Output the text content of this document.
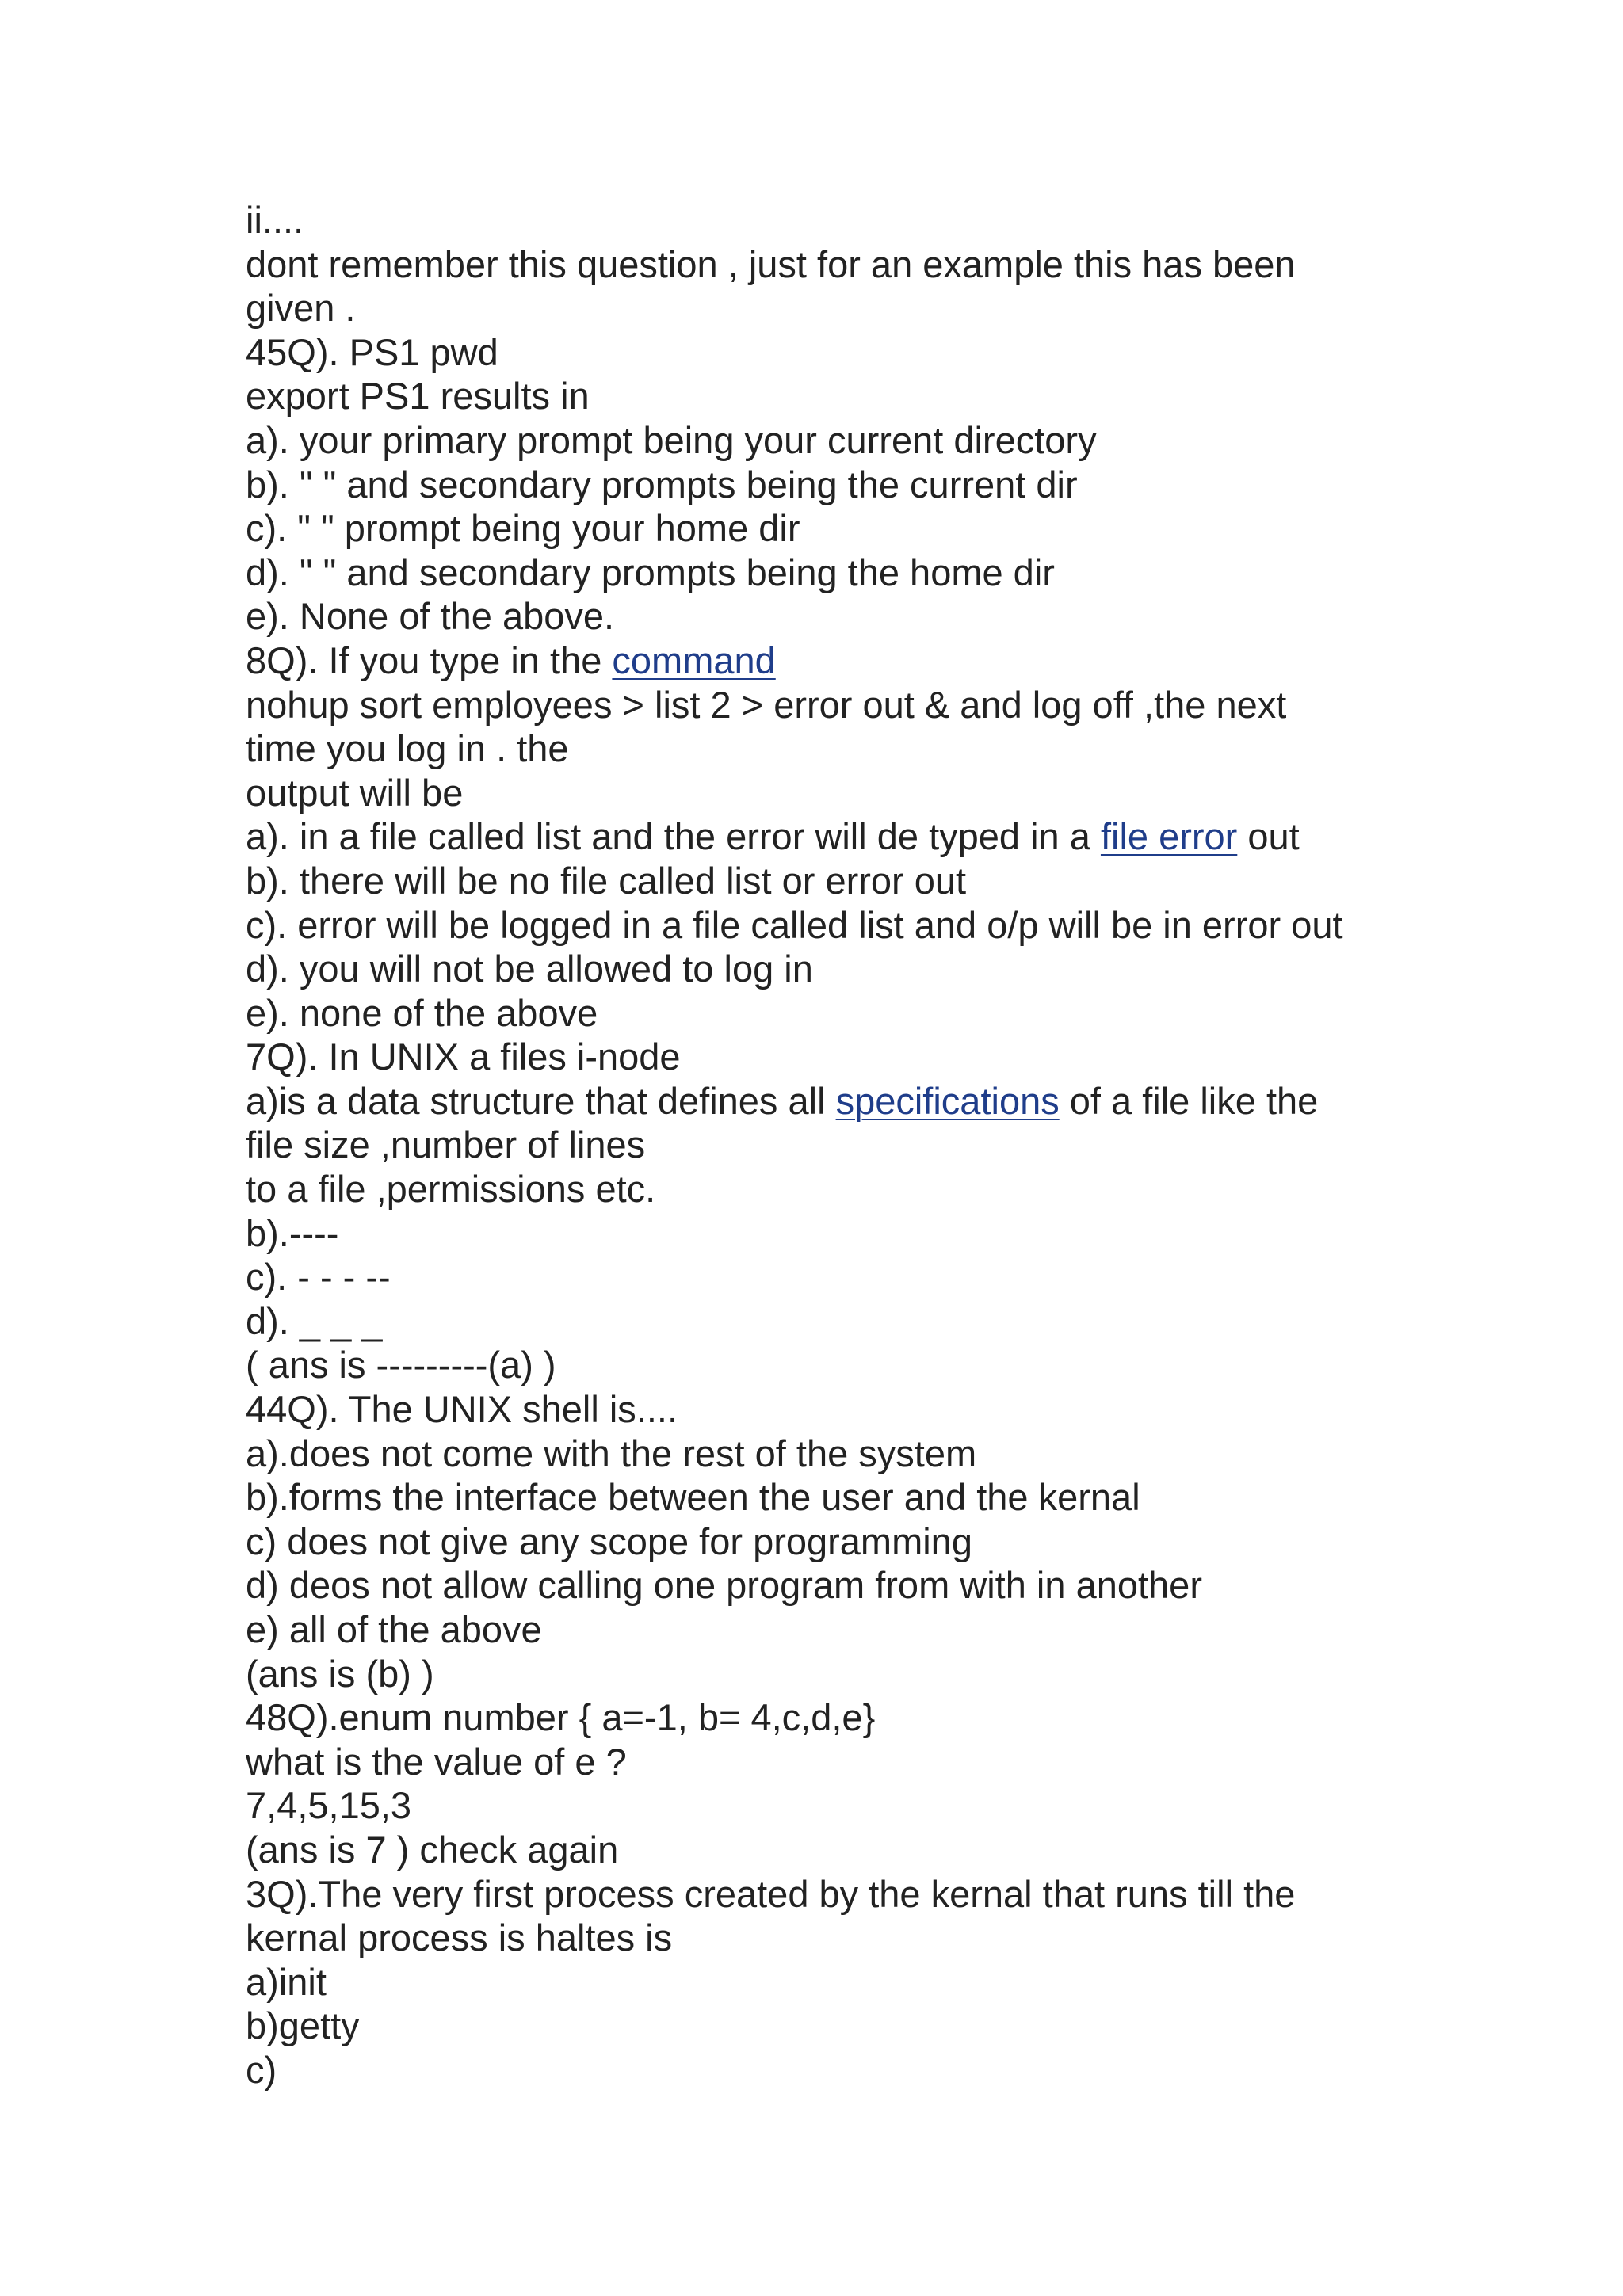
ii....
dont remember this question , just for an example this has been
given .
45Q). PS1 pwd
export PS1 results in
a). your primary prompt being your current directory
b). " " and secondary prompts being the current dir
c). " " prompt being your home dir
d). " " and secondary prompts being the home dir
e). None of the above.
8Q). If you type in the command
nohup sort employees > list 2 > error out & and log off ,the next
time you log in . the
output will be
a). in a file called list and the error will de typed in a file error out
b). there will be no file called list or error out
c). error will be logged in a file called list and o/p will be in error out
d). you will not be allowed to log in
e). none of the above
7Q). In UNIX a files i-node
a)is a data structure that defines all specifications of a file like the
file size ,number of lines
to a file ,permissions etc.
b).----
c). - - - --
d). _ _ _
( ans is ---------(a) )
44Q). The UNIX shell is....
a).does not come with the rest of the system
b).forms the interface between the user and the kernal
c) does not give any scope for programming
d) deos not allow calling one program from with in another
e) all of the above
(ans is (b) )
48Q).enum number { a=-1, b= 4,c,d,e}
what is the value of e ?
7,4,5,15,3
(ans is 7 ) check again
3Q).The very first process created by the kernal that runs till the
kernal process is haltes is
a)init
b)getty
c)
